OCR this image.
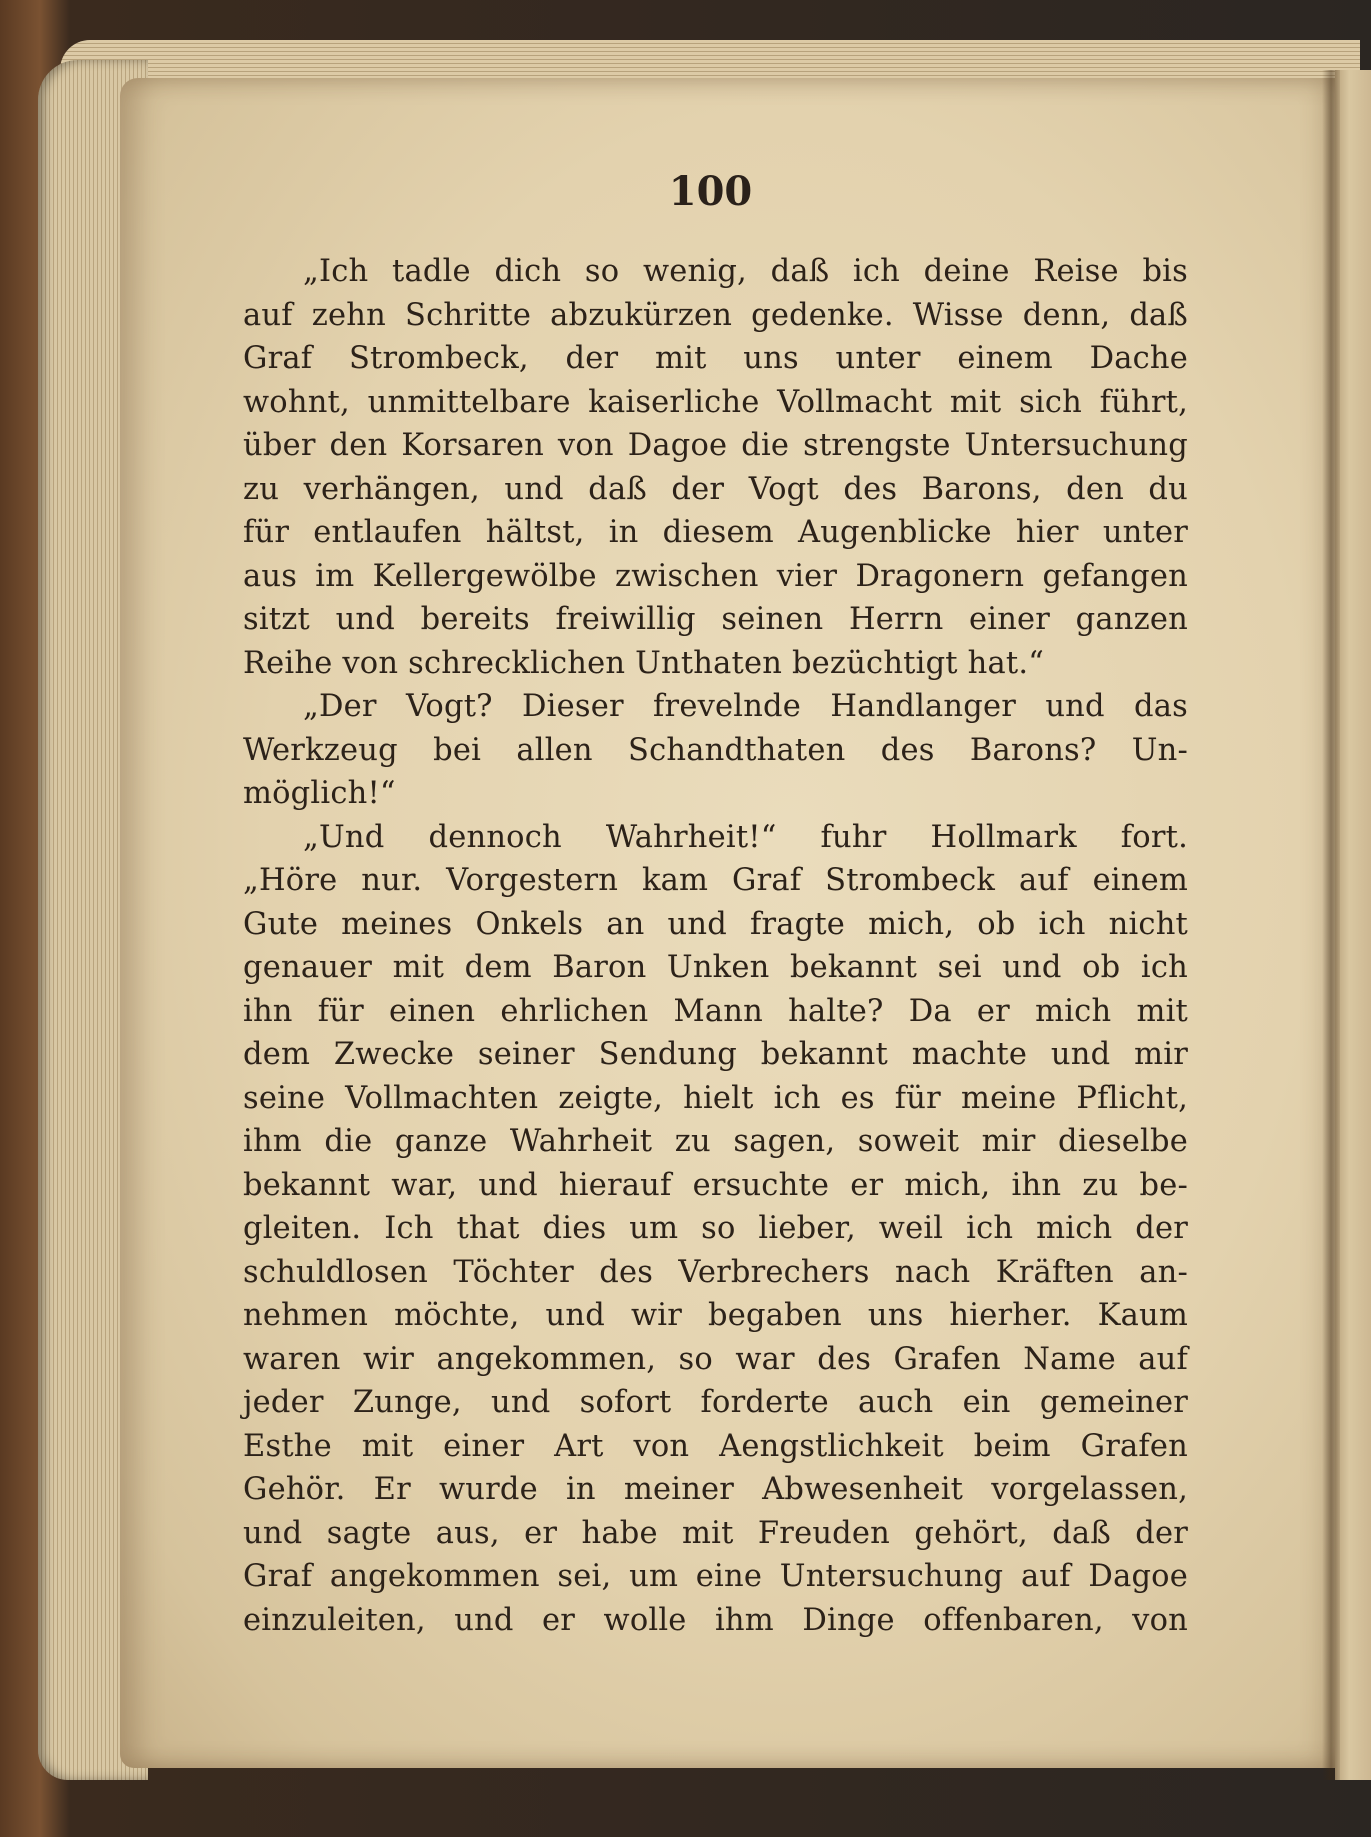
100
„Ich tadle dich so wenig, daß ich deine Reise bis
auf zehn Schritte abzukürzen gedenke. Wisse denn, daß
Graf Strombeck, der mit uns unter einem Dache
wohnt, unmittelbare kaiserliche Vollmacht mit sich führt,
über den Korsaren von Dagoe die strengste Untersuchung
zu verhängen, und daß der Vogt des Barons, den du
für entlaufen hältst, in diesem Augenblicke hier unter
aus im Kellergewölbe zwischen vier Dragonern gefangen
sitzt und bereits freiwillig seinen Herrn einer ganzen
Reihe von schrecklichen Unthaten bezüchtigt hat.“
„Der Vogt? Dieser frevelnde Handlanger und das
Werkzeug bei allen Schandthaten des Barons? Un-
möglich!“
„Und dennoch Wahrheit!“ fuhr Hollmark fort.
„Höre nur. Vorgestern kam Graf Strombeck auf einem
Gute meines Onkels an und fragte mich, ob ich nicht
genauer mit dem Baron Unken bekannt sei und ob ich
ihn für einen ehrlichen Mann halte? Da er mich mit
dem Zwecke seiner Sendung bekannt machte und mir
seine Vollmachten zeigte, hielt ich es für meine Pflicht,
ihm die ganze Wahrheit zu sagen, soweit mir dieselbe
bekannt war, und hierauf ersuchte er mich, ihn zu be-
gleiten. Ich that dies um so lieber, weil ich mich der
schuldlosen Töchter des Verbrechers nach Kräften an-
nehmen möchte, und wir begaben uns hierher. Kaum
waren wir angekommen, so war des Grafen Name auf
jeder Zunge, und sofort forderte auch ein gemeiner
Esthe mit einer Art von Aengstlichkeit beim Grafen
Gehör. Er wurde in meiner Abwesenheit vorgelassen,
und sagte aus, er habe mit Freuden gehört, daß der
Graf angekommen sei, um eine Untersuchung auf Dagoe
einzuleiten, und er wolle ihm Dinge offenbaren, von
